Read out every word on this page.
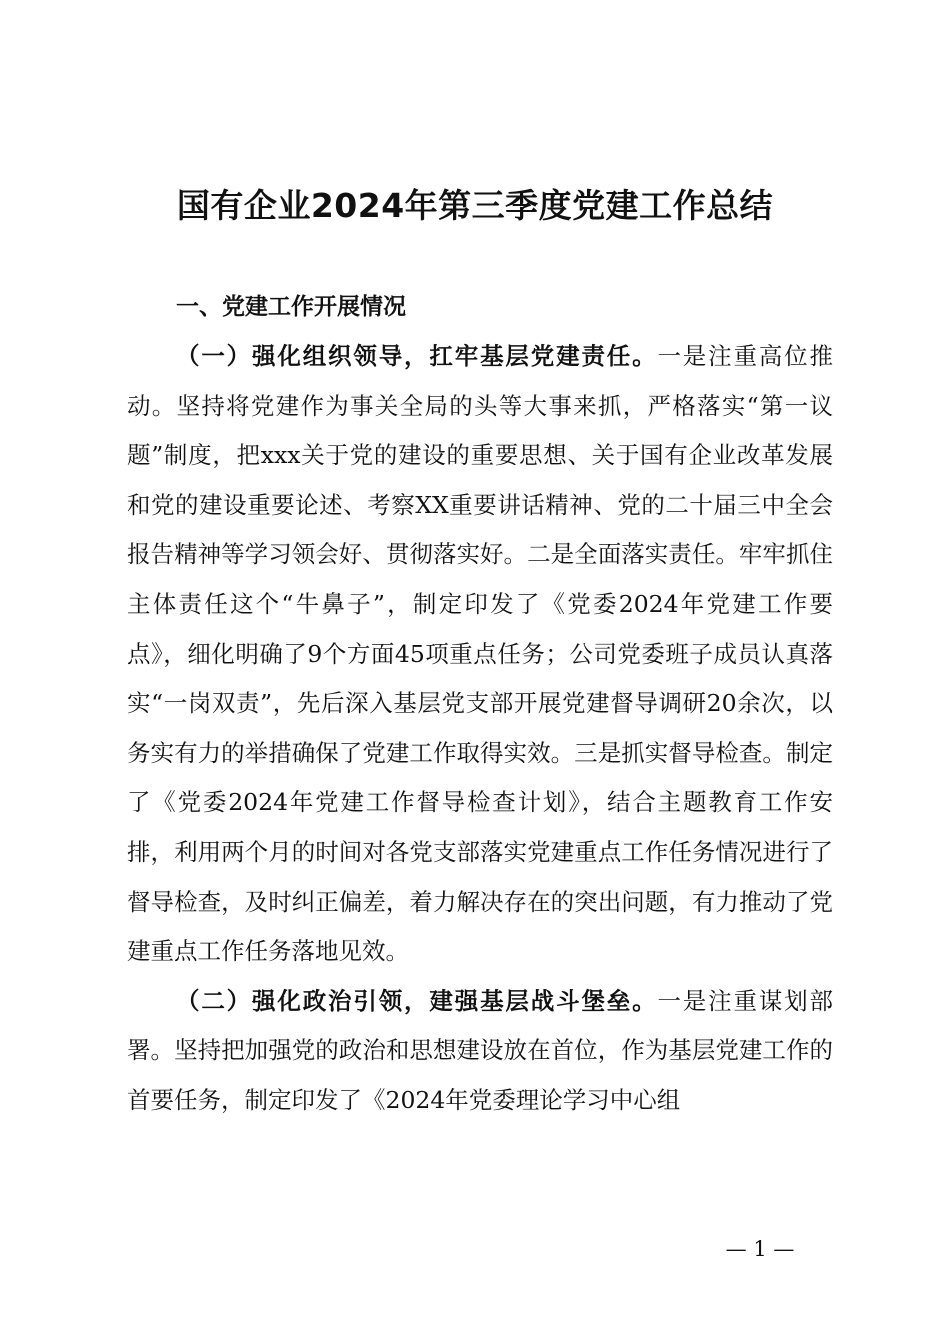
国有企业2024年第三季度党建工作总结
一、党建工作开展情况

（一）强化组织领导，扛牢基层党建责任。一是注重高位推动。坚持将党建作为事关全局的头等大事来抓，严格落实“第一议题”制度，把xxx关于党的建设的重要思想、关于国有企业改革发展和党的建设重要论述、考察XX重要讲话精神、党的二十届三中全会报告精神等学习领会好、贯彻落实好。二是全面落实责任。牢牢抓住主体责任这个“牛鼻子”，制定印发了《党委2024年党建工作要点》，细化明确了9个方面45项重点任务；公司党委班子成员认真落实“一岗双责”，先后深入基层党支部开展党建督导调研20余次，以务实有力的举措确保了党建工作取得实效。三是抓实督导检查。制定了《党委2024年党建工作督导检查计划》，结合主题教育工作安排，利用两个月的时间对各党支部落实党建重点工作任务情况进行了督导检查，及时纠正偏差，着力解决存在的突出问题，有力推动了党建重点工作任务落地见效。

（二）强化政治引领，建强基层战斗堡垒。一是注重谋划部署。坚持把加强党的政治和思想建设放在首位，作为基层党建工作的首要任务，制定印发了《2024年党委理论学习中心组

— 1 —
